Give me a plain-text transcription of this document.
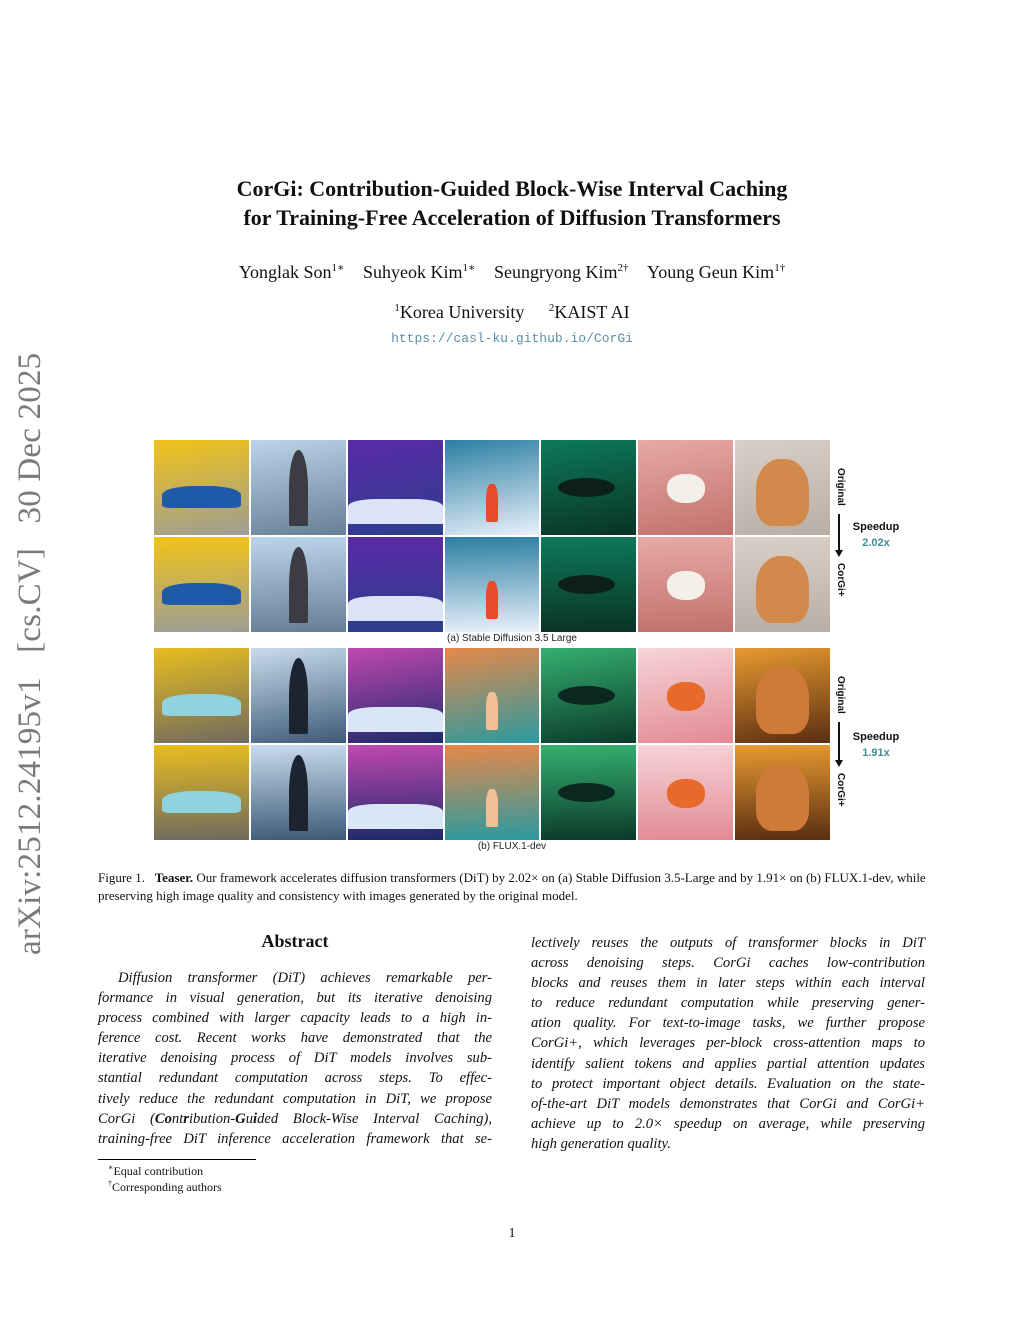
arXiv:2512.24195v1 [cs.CV] 30 Dec 2025
CorGi: Contribution-Guided Block-Wise Interval Caching
for Training-Free Acceleration of Diffusion Transformers
Yonglak Son$^{1∗}$ Suhyeok Kim$^{1∗}$ Seungryong Kim$^{2\dagger}$ Young Geun Kim$^{1\dagger}$
$^1$Korea University $^2$KAIST AI
https://casl-ku.github.io/CorGi
(a) Stable Diffusion 3.5 Large
Original
CorGi+
Speedup
2.02x
(b) FLUX.1-dev
Original
CorGi+
Speedup
1.91x
Figure 1. Teaser. Our framework accelerates diffusion transformers (DiT) by 2.02× on (a) Stable Diffusion 3.5-Large and by 1.91× on (b) FLUX.1-dev, while preserving high image quality and consistency with images generated by the original model.
Abstract
Diffusion transformer (DiT) achieves remarkable per-
formance in visual generation, but its iterative denoising
process combined with larger capacity leads to a high in-
ference cost. Recent works have demonstrated that the
iterative denoising process of DiT models involves sub-
stantial redundant computation across steps. To effec-
tively reduce the redundant computation in DiT, we propose
CorGi (Contribution-Guided Block-Wise Interval Caching),
training-free DiT inference acceleration framework that se-
lectively reuses the outputs of transformer blocks in DiT
across denoising steps. CorGi caches low-contribution
blocks and reuses them in later steps within each interval
to reduce redundant computation while preserving gener-
ation quality. For text-to-image tasks, we further propose
CorGi+, which leverages per-block cross-attention maps to
identify salient tokens and applies partial attention updates
to protect important object details. Evaluation on the state-
of-the-art DiT models demonstrates that CorGi and CorGi+
achieve up to 2.0× speedup on average, while preserving
high generation quality.
∗Equal contribution
†Corresponding authors
1
